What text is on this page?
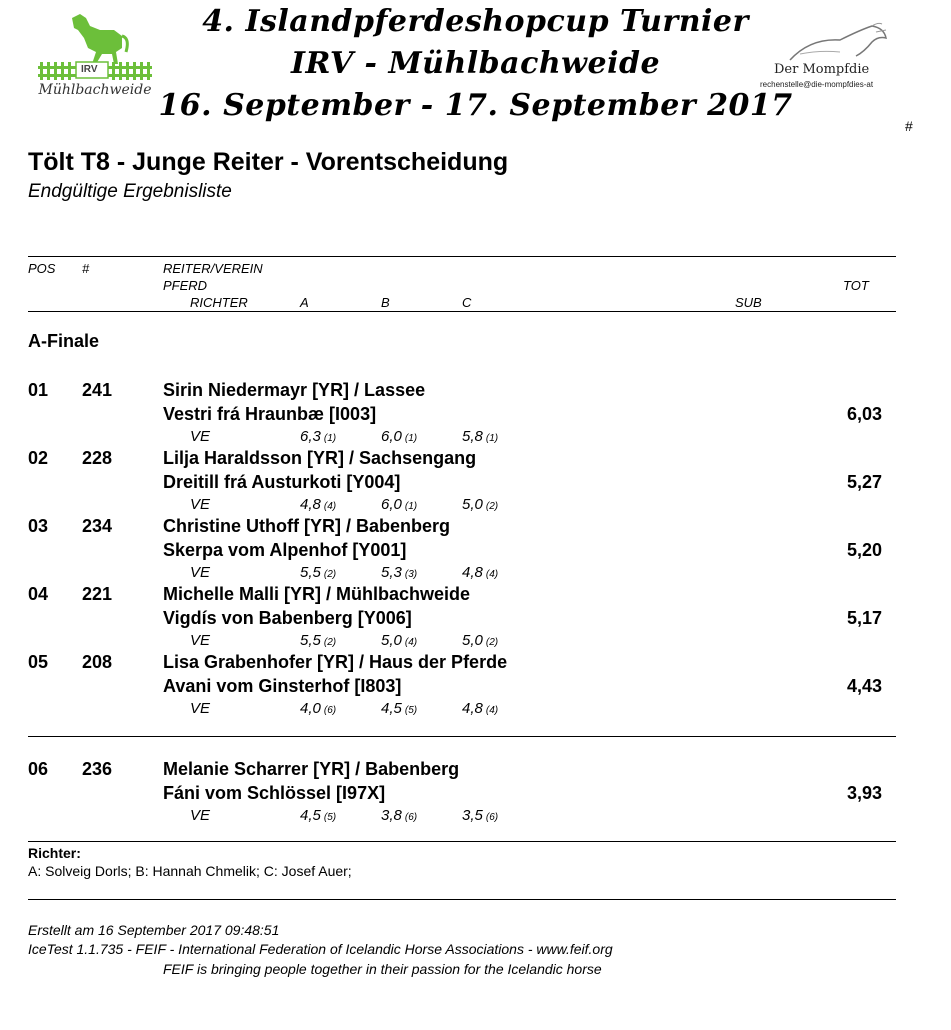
IRV
Mühlbachweide
4. Islandpferdeshopcup Turnier
IRV - Mühlbachweide
16. September - 17. September 2017
Der Mompfdie
rechenstelle@die-mompfdies-at
#
Tölt T8 - Junge Reiter - Vorentscheidung
Endgültige Ergebnisliste
POS #	REITER/VEREIN
PFERD	TOT
RICHTER	A	B	C	SUB
A-Finale
01 241	Sirin Niedermayr [YR] / Lassee
Vestri frá Hraunbæ [I003]	6,03
VE	6,3 (1)	6,0 (1)	5,8 (1)
02 228	Lilja Haraldsson [YR] / Sachsengang
Dreitill frá Austurkoti [Y004]	5,27
VE	4,8 (4)	6,0 (1)	5,0 (2)
03 234	Christine Uthoff [YR] / Babenberg
Skerpa vom Alpenhof [Y001]	5,20
VE	5,5 (2)	5,3 (3)	4,8 (4)
04 221	Michelle Malli [YR] / Mühlbachweide
Vigdís von Babenberg [Y006]	5,17
VE	5,5 (2)	5,0 (4)	5,0 (2)
05 208	Lisa Grabenhofer [YR] / Haus der Pferde
Avani vom Ginsterhof [I803]	4,43
VE	4,0 (6)	4,5 (5)	4,8 (4)
06 236	Melanie Scharrer [YR] / Babenberg
Fáni vom Schlössel [I97X]	3,93
VE	4,5 (5)	3,8 (6)	3,5 (6)
Richter:
A: Solveig Dorls; B: Hannah Chmelik; C: Josef Auer;
Erstellt am 16 September 2017 09:48:51
IceTest 1.1.735 - FEIF - International Federation of Icelandic Horse Associations - www.feif.org
FEIF is bringing people together in their passion for the Icelandic horse
